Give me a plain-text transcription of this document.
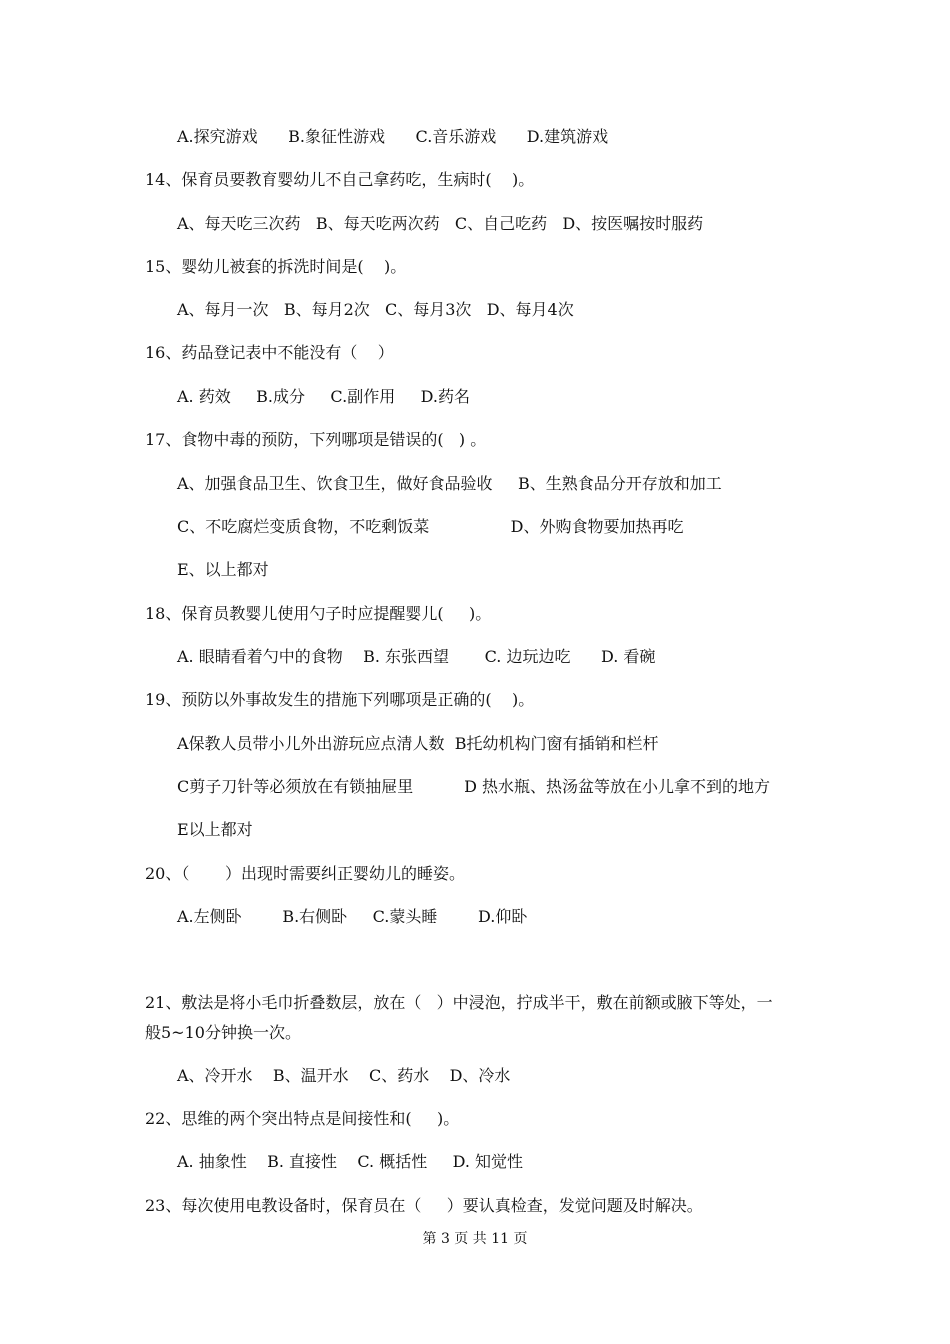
A.探究游戏      B.象征性游戏      C.音乐游戏      D.建筑游戏
14、保育员要教育婴幼儿不自己拿药吃，生病时(    )。
A、每天吃三次药   B、每天吃两次药   C、自己吃药   D、按医嘱按时服药
15、婴幼儿被套的拆洗时间是(    )。
A、每月一次   B、每月2次   C、每月3次   D、每月4次
16、药品登记表中不能没有（    ）
A. 药效     B.成分     C.副作用     D.药名
17、食物中毒的预防，下列哪项是错误的(   ) 。
A、加强食品卫生、饮食卫生，做好食品验收     B、生熟食品分开存放和加工
C、不吃腐烂变质食物，不吃剩饭菜                D、外购食物要加热再吃
E、以上都对
18、保育员教婴儿使用勺子时应提醒婴儿(     )。
A. 眼睛看着勺中的食物    B. 东张西望       C. 边玩边吃      D. 看碗
19、预防以外事故发生的措施下列哪项是正确的(    )。
A保教人员带小儿外出游玩应点清人数  B托幼机构门窗有插销和栏杆
C剪子刀针等必须放在有锁抽屉里          D 热水瓶、热汤盆等放在小儿拿不到的地方
E以上都对
20、（       ）出现时需要纠正婴幼儿的睡姿。
A.左侧卧        B.右侧卧     C.蒙头睡        D.仰卧
21、敷法是将小毛巾折叠数层，放在（   ）中浸泡，拧成半干，敷在前额或腋下等处，一
般5~10分钟换一次。
A、冷开水    B、温开水    C、药水    D、冷水
22、思维的两个突出特点是间接性和(     )。
A. 抽象性    B. 直接性    C. 概括性     D. 知觉性
23、每次使用电教设备时，保育员在（     ）要认真检查，发觉问题及时解决。
第 3 页 共 11 页
